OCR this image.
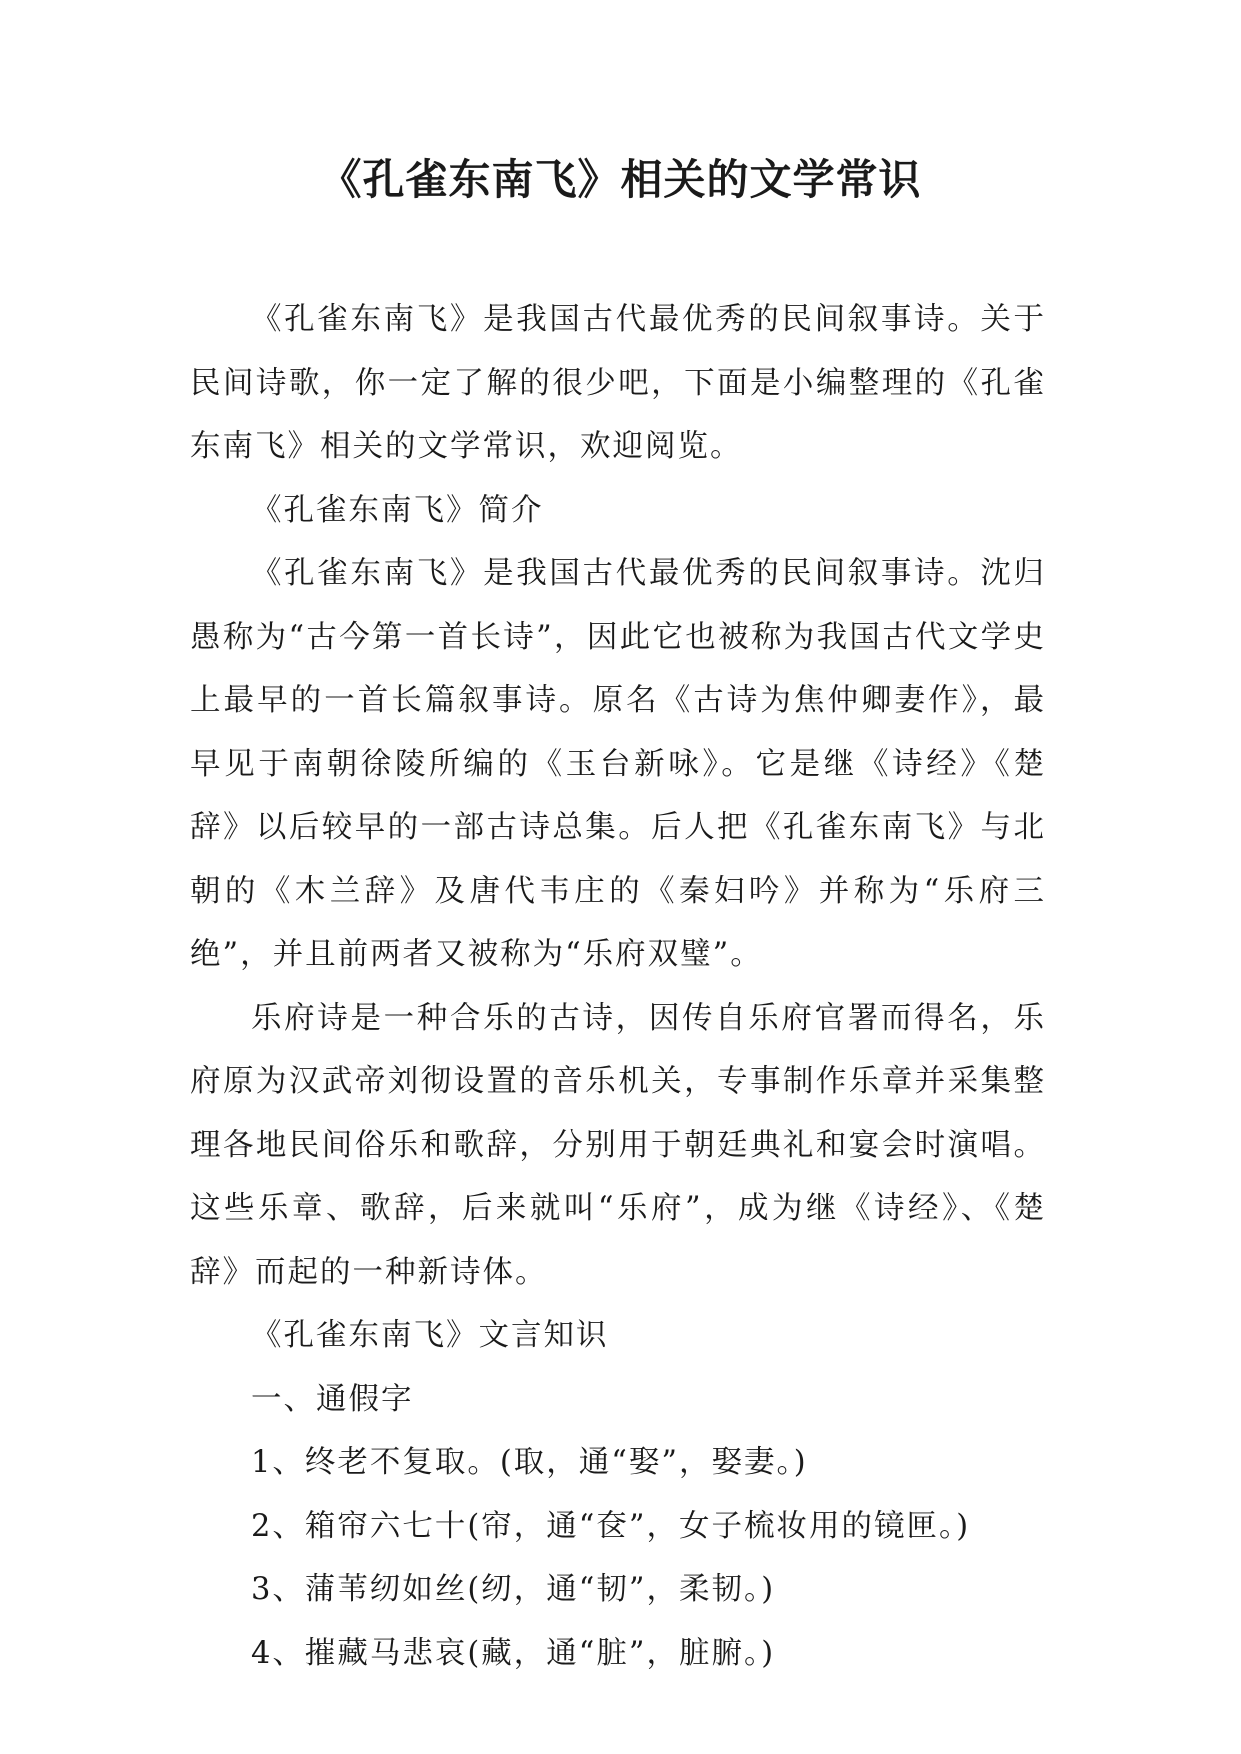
《孔雀东南飞》相关的文学常识

《孔雀东南飞》是我国古代最优秀的民间叙事诗。关于民间诗歌，你一定了解的很少吧，下面是小编整理的《孔雀东南飞》相关的文学常识，欢迎阅览。

《孔雀东南飞》简介

《孔雀东南飞》是我国古代最优秀的民间叙事诗。沈归愚称为“古今第一首长诗”，因此它也被称为我国古代文学史上最早的一首长篇叙事诗。原名《古诗为焦仲卿妻作》，最早见于南朝徐陵所编的《玉台新咏》。它是继《诗经》《楚辞》以后较早的一部古诗总集。后人把《孔雀东南飞》与北朝的《木兰辞》及唐代韦庄的《秦妇吟》并称为“乐府三绝”，并且前两者又被称为“乐府双璧”。

乐府诗是一种合乐的古诗，因传自乐府官署而得名，乐府原为汉武帝刘彻设置的音乐机关，专事制作乐章并采集整理各地民间俗乐和歌辞，分别用于朝廷典礼和宴会时演唱。这些乐章、歌辞，后来就叫“乐府”，成为继《诗经》、《楚辞》而起的一种新诗体。

《孔雀东南飞》文言知识

一、通假字

1、终老不复取。(取，通“娶”，娶妻。)

2、箱帘六七十(帘，通“奁”，女子梳妆用的镜匣。)

3、蒲苇纫如丝(纫，通“韧”，柔韧。)

4、摧藏马悲哀(藏，通“脏”，脏腑。)
